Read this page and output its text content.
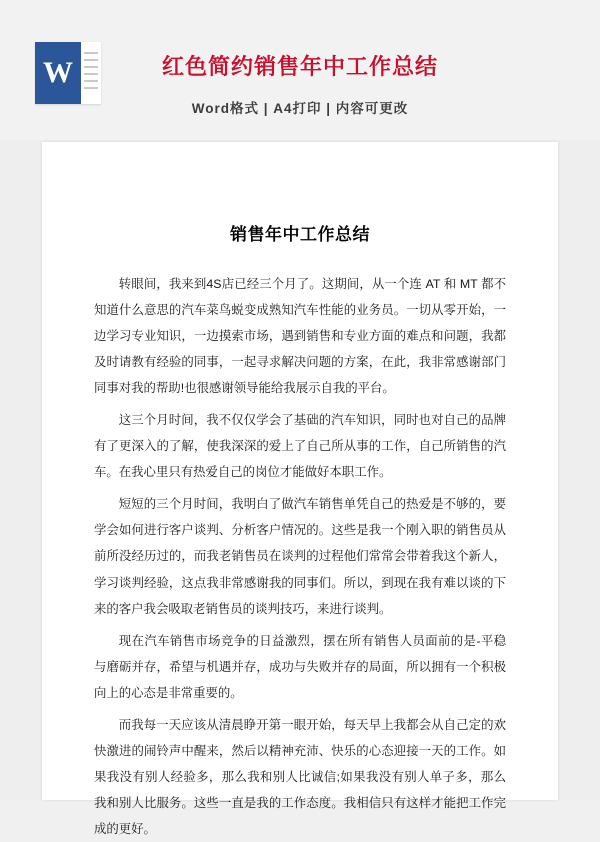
W	红色简约销售年中工作总结

Word格式 | A4打印 | 内容可更改

销售年中工作总结

转眼间，我来到4S店已经三个月了。这期间，从一个连 AT 和 MT 都不知道什么意思的汽车菜鸟蜕变成熟知汽车性能的业务员。一切从零开始，一边学习专业知识，一边摸索市场，遇到销售和专业方面的难点和问题，我都及时请教有经验的同事，一起寻求解决问题的方案，在此，我非常感谢部门同事对我的帮助!也很感谢领导能给我展示自我的平台。

这三个月时间，我不仅仅学会了基础的汽车知识，同时也对自己的品牌有了更深入的了解，使我深深的爱上了自己所从事的工作，自己所销售的汽车。在我心里只有热爱自己的岗位才能做好本职工作。

短短的三个月时间，我明白了做汽车销售单凭自己的热爱是不够的，要学会如何进行客户谈判、分析客户情况的。这些是我一个刚入职的销售员从前所没经历过的，而我老销售员在谈判的过程他们常常会带着我这个新人，学习谈判经验，这点我非常感谢我的同事们。所以，到现在我有难以谈的下来的客户我会吸取老销售员的谈判技巧，来进行谈判。

现在汽车销售市场竞争的日益激烈，摆在所有销售人员面前的是-平稳与磨砺并存，希望与机遇并存，成功与失败并存的局面，所以拥有一个积极向上的心态是非常重要的。

而我每一天应该从清晨睁开第一眼开始，每天早上我都会从自己定的欢快激进的闹铃声中醒来，然后以精神充沛、快乐的心态迎接一天的工作。如果我没有别人经验多，那么我和别人比诚信;如果我没有别人单子多，那么我和别人比服务。这些一直是我的工作态度。我相信只有这样才能把工作完成的更好。
